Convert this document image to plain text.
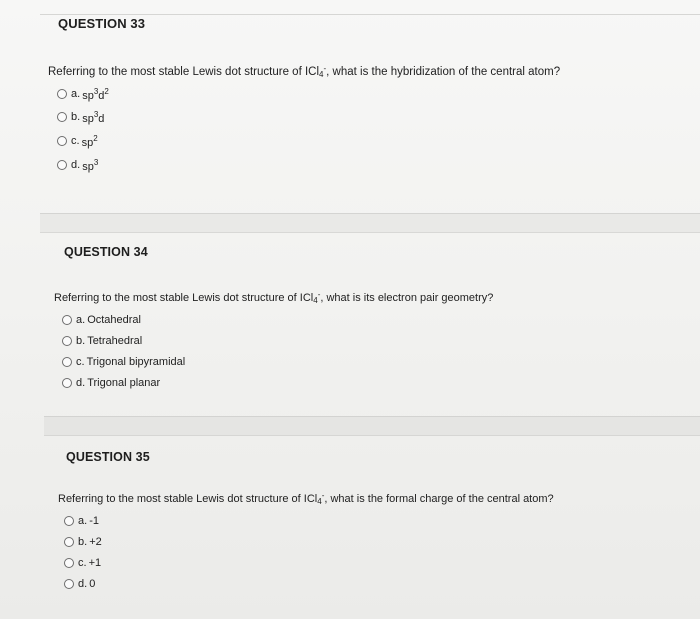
QUESTION 33
Referring to the most stable Lewis dot structure of ICl$_4$-, what is the hybridization of the central atom?
a. $sp^3d^2$
b. $sp^3d$
c. $sp^2$
d. $sp^3$
QUESTION 34
Referring to the most stable Lewis dot structure of ICl$_4$-, what is its electron pair geometry?
a. Octahedral
b. Tetrahedral
c. Trigonal bipyramidal
d. Trigonal planar
QUESTION 35
Referring to the most stable Lewis dot structure of ICl$_4$-, what is the formal charge of the central atom?
a. -1
b. +2
c. +1
d. 0
